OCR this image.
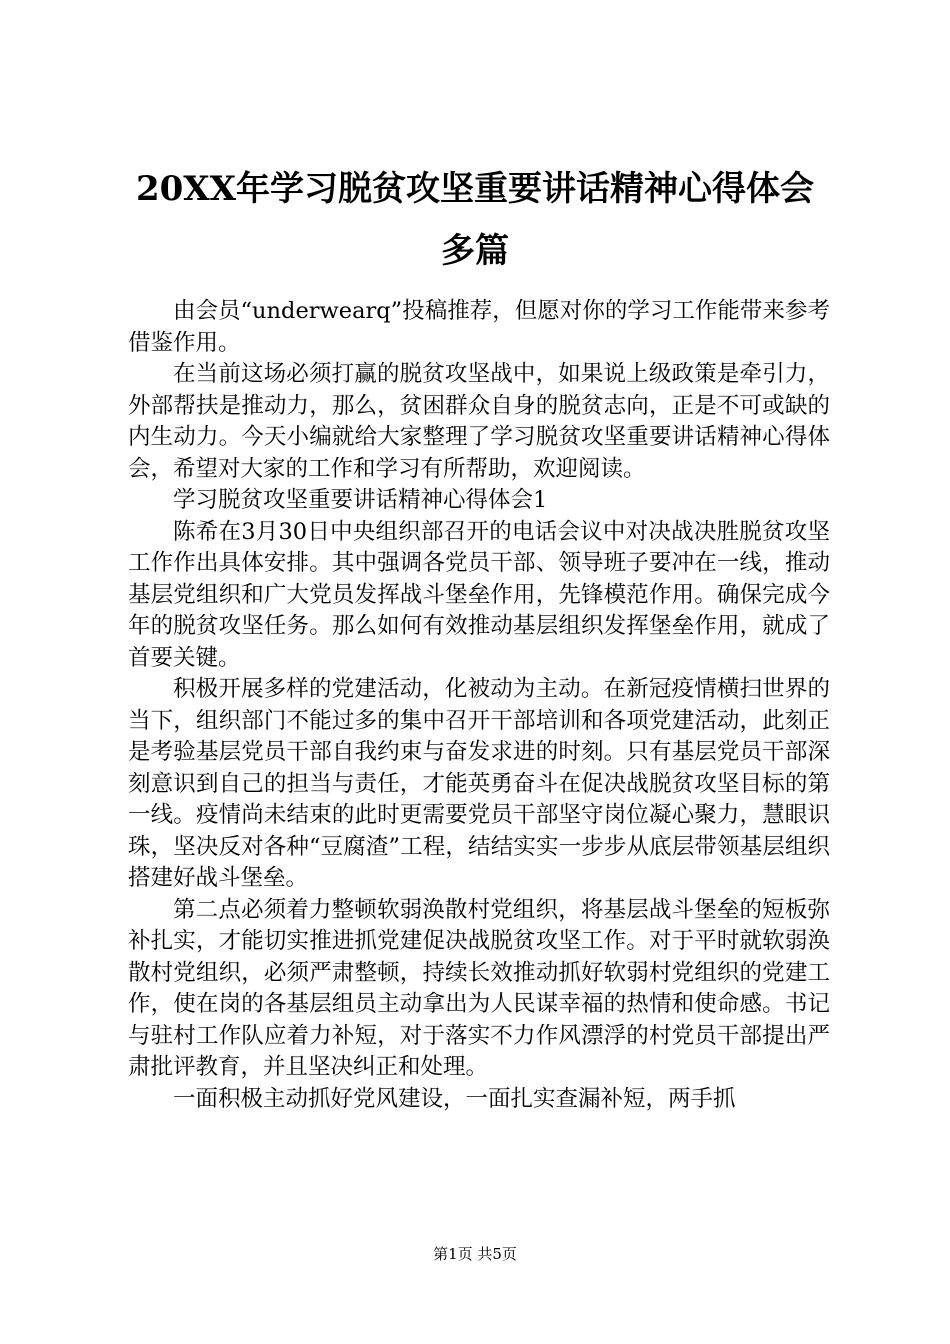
20XX年学习脱贫攻坚重要讲话精神心得体会
多篇

由会员“underwearq”投稿推荐，但愿对你的学习工作能带来参考借鉴作用。

在当前这场必须打赢的脱贫攻坚战中，如果说上级政策是牵引力，外部帮扶是推动力，那么，贫困群众自身的脱贫志向，正是不可或缺的内生动力。今天小编就给大家整理了学习脱贫攻坚重要讲话精神心得体会，希望对大家的工作和学习有所帮助，欢迎阅读。

学习脱贫攻坚重要讲话精神心得体会1

陈希在3月30日中央组织部召开的电话会议中对决战决胜脱贫攻坚工作作出具体安排。其中强调各党员干部、领导班子要冲在一线，推动基层党组织和广大党员发挥战斗堡垒作用，先锋模范作用。确保完成今年的脱贫攻坚任务。那么如何有效推动基层组织发挥堡垒作用，就成了首要关键。

积极开展多样的党建活动，化被动为主动。在新冠疫情横扫世界的当下，组织部门不能过多的集中召开干部培训和各项党建活动，此刻正是考验基层党员干部自我约束与奋发求进的时刻。只有基层党员干部深刻意识到自己的担当与责任，才能英勇奋斗在促决战脱贫攻坚目标的第一线。疫情尚未结束的此时更需要党员干部坚守岗位凝心聚力，慧眼识珠，坚决反对各种“豆腐渣”工程，结结实实一步步从底层带领基层组织搭建好战斗堡垒。

第二点必须着力整顿软弱涣散村党组织，将基层战斗堡垒的短板弥补扎实，才能切实推进抓党建促决战脱贫攻坚工作。对于平时就软弱涣散村党组织，必须严肃整顿，持续长效推动抓好软弱村党组织的党建工作，使在岗的各基层组员主动拿出为人民谋幸福的热情和使命感。书记与驻村工作队应着力补短，对于落实不力作风漂浮的村党员干部提出严肃批评教育，并且坚决纠正和处理。

一面积极主动抓好党风建设，一面扎实查漏补短，两手抓

第1页 共5页
